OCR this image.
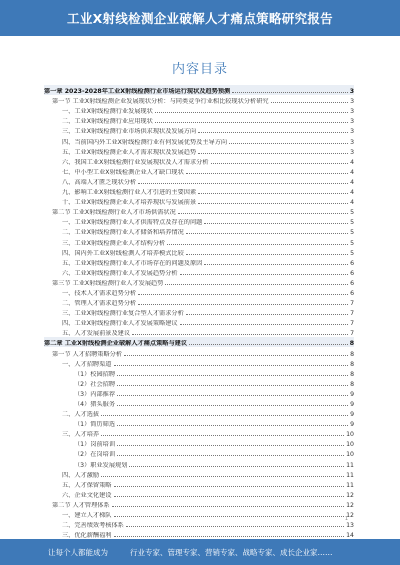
工业X射线检测企业破解人才痛点策略研究报告
内容目录
第一章 2023-2028年工业X射线检测行业市场运行现状及趋势预测	3
第一节 工业X射线检测企业发展现状分析：与同类竞争行业相比较现状分析研究	3
一、工业X射线检测行业发展现状	3
二、工业X射线检测行业应用现状	3
三、工业X射线检测行业市场供求现状及发展方向	3
四、当前国内外工业X射线检测行业有何发展优势及主导方向	3
五、工业X射线检测企业人才需求现状及发展趋势	3
六、我国工业X射线检测行业发展现状及人才需求分析	4
七、中小型工业X射线检测企业人才缺口现状	4
八、高端人才匮乏现状分析	4
九、影响工业X射线检测行业人才引进的主要因素	4
十、工业X射线检测企业人才培养现状与发展前景	4
第二节 工业X射线检测行业人才市场供需状况	5
一、工业X射线检测行业人才供需特点及存在的问题	5
二、工业X射线检测行业人才储备和培养情况	5
三、工业X射线检测企业人才结构分析	5
四、国内外工业X射线检测人才培养模式比较	5
五、工业X射线检测行业人才市场存在的问题及原因	6
六、工业X射线检测行业人才发展趋势分析	6
第三节 工业X射线检测行业人才发展趋势	6
一、技术人才需求趋势分析	6
二、管理人才需求趋势分析	7
三、工业X射线检测行业复合型人才需求分析	7
四、工业X射线检测行业人才发展策略建议	7
五、人才发展前景及建议	7
第二章 工业X射线检测企业破解人才痛点策略与建议	8
第一节 人才招聘策略分析	8
一、人才招聘渠道	8
（1）校园招聘	8
（2）社会招聘	8
（3）内部推荐	9
（4）猎头服务	9
二、人才选拔	9
（1）简历筛选	9
三、人才培养	10
（1）岗前培训	10
（2）在岗培训	10
（3）职业发展规划	11
四、人才激励	11
五、人才保留策略	11
六、企业文化建设	12
第二节 人才管理体系	12
一、建立人才梯队	12
二、完善绩效考核体系	13
三、优化薪酬福利	14
1
让每个人都能成为	行业专家、管理专家、营销专家、战略专家、成长企业家……
